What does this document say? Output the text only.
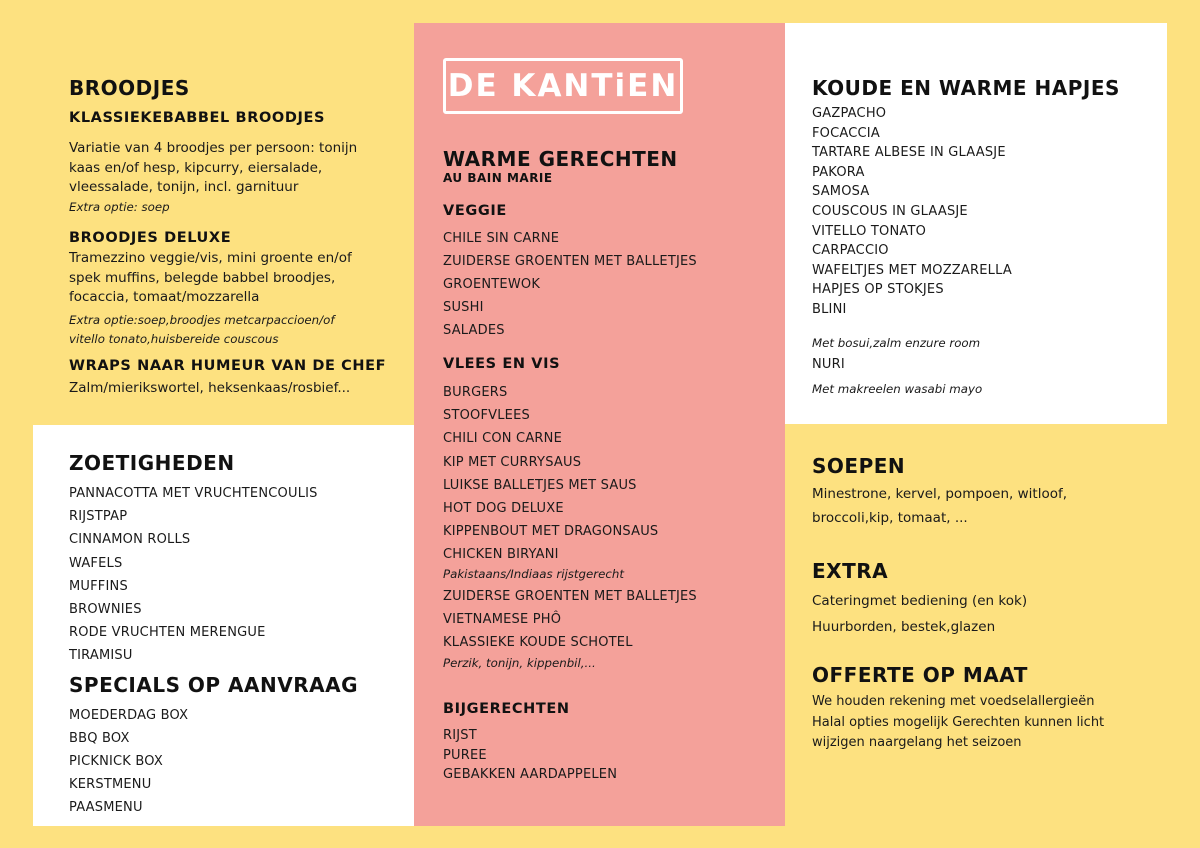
BROODJES
KLASSIEKEBABBEL BROODJES
Variatie van 4 broodjes per persoon: tonijn
kaas en/of hesp, kipcurry, eiersalade,
vleessalade, tonijn, incl. garnituur
Extra optie: soep
BROODJES DELUXE
Tramezzino veggie/vis, mini groente en/of
spek muffins, belegde babbel broodjes,
focaccia, tomaat/mozzarella
Extra optie:soep,broodjes metcarpaccioen/of
vitello tonato,huisbereide couscous
WRAPS NAAR HUMEUR VAN DE CHEF
Zalm/mierikswortel, heksenkaas/rosbief...
ZOETIGHEDEN
PANNACOTTA MET VRUCHTENCOULIS
RIJSTPAP
CINNAMON ROLLS
WAFELS
MUFFINS
BROWNIES
RODE VRUCHTEN MERENGUE
TIRAMISU
SPECIALS OP AANVRAAG
MOEDERDAG BOX
BBQ BOX
PICKNICK BOX
KERSTMENU
PAASMENU
DE KANTiEN
WARME GERECHTEN
AU BAIN MARIE
VEGGIE
CHILE SIN CARNE
ZUIDERSE GROENTEN MET BALLETJES
GROENTEWOK
SUSHI
SALADES
VLEES EN VIS
BURGERS
STOOFVLEES
CHILI CON CARNE
KIP MET CURRYSAUS
LUIKSE BALLETJES MET SAUS
HOT DOG DELUXE
KIPPENBOUT MET DRAGONSAUS
CHICKEN BIRYANI
Pakistaans/Indiaas rijstgerecht
ZUIDERSE GROENTEN MET BALLETJES
VIETNAMESE PHÔ
KLASSIEKE KOUDE SCHOTEL
Perzik, tonijn, kippenbil,...
BIJGERECHTEN
RIJST
PUREE
GEBAKKEN AARDAPPELEN
KOUDE EN WARME HAPJES
GAZPACHO
FOCACCIA
TARTARE ALBESE IN GLAASJE
PAKORA
SAMOSA
COUSCOUS IN GLAASJE
VITELLO TONATO
CARPACCIO
WAFELTJES MET MOZZARELLA
HAPJES OP STOKJES
BLINI
Met bosui,zalm enzure room
NURI
Met makreelen wasabi mayo
SOEPEN
Minestrone, kervel, pompoen, witloof,
broccoli,kip, tomaat, ...
EXTRA
Cateringmet bediening (en kok)
Huurborden, bestek,glazen
OFFERTE OP MAAT
We houden rekening met voedselallergieën
Halal opties mogelijk Gerechten kunnen licht
wijzigen naargelang het seizoen
